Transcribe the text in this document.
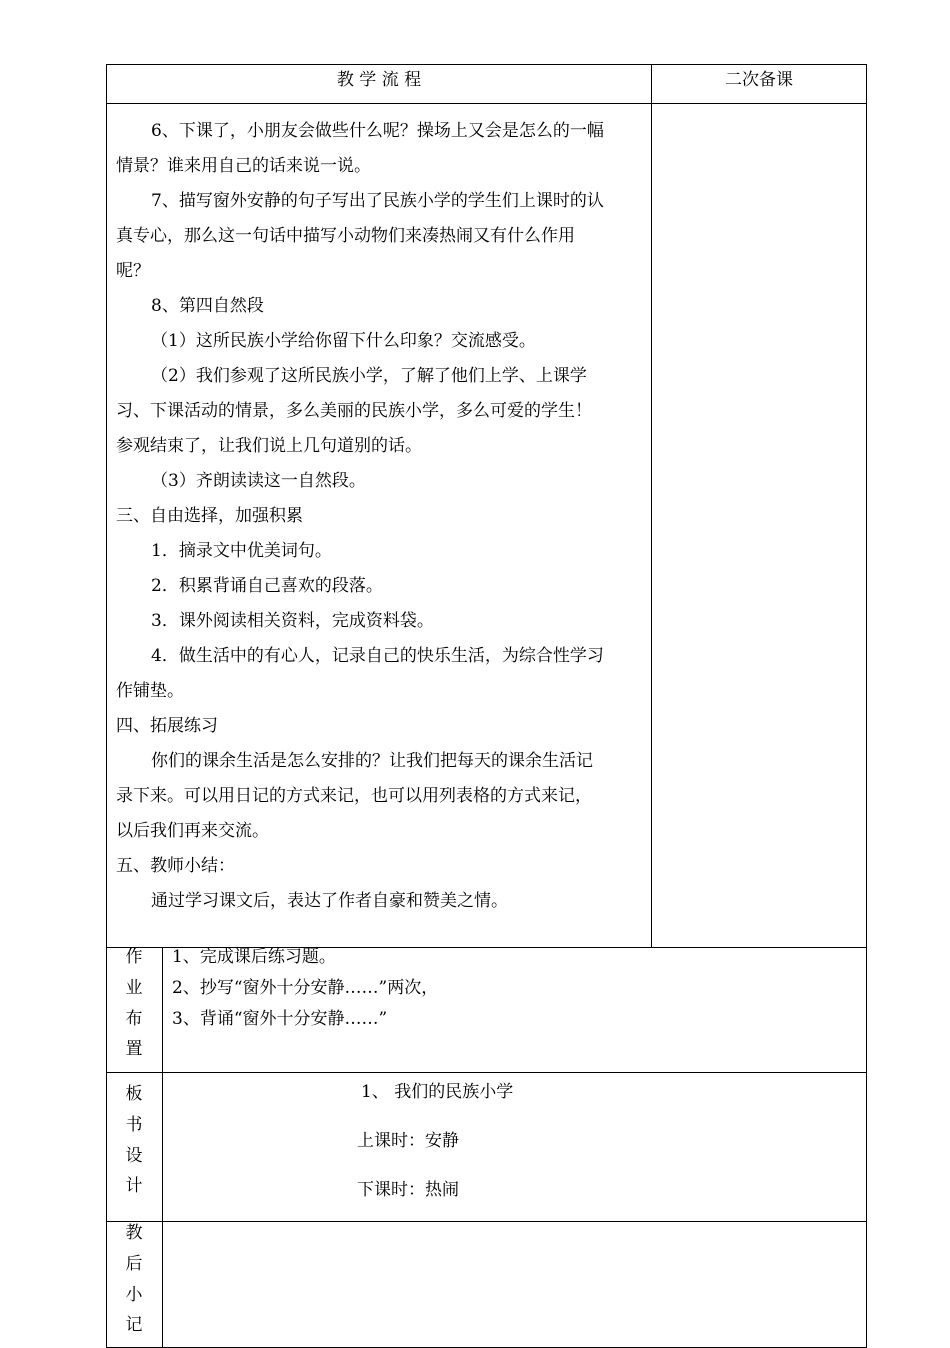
教 学 流 程	二次备课
6、下课了，小朋友会做些什么呢？操场上又会是怎么的一幅
情景？谁来用自己的话来说一说。
7、描写窗外安静的句子写出了民族小学的学生们上课时的认
真专心，那么这一句话中描写小动物们来凑热闹又有什么作用
呢？
8、第四自然段
（1）这所民族小学给你留下什么印象？交流感受。
（2）我们参观了这所民族小学，了解了他们上学、上课学
习、下课活动的情景，多么美丽的民族小学，多么可爱的学生！
参观结束了，让我们说上几句道别的话。
（3）齐朗读读这一自然段。
三、自由选择，加强积累
1．摘录文中优美词句。
2．积累背诵自己喜欢的段落。
3．课外阅读相关资料，完成资料袋。
4．做生活中的有心人，记录自己的快乐生活，为综合性学习
作铺垫。
四、拓展练习
你们的课余生活是怎么安排的？让我们把每天的课余生活记
录下来。可以用日记的方式来记，也可以用列表格的方式来记，
以后我们再来交流。
五、教师小结：
通过学习课文后，表达了作者自豪和赞美之情。
作
业
布
置
1、完成课后练习题。
2、抄写“窗外十分安静……”两次，
3、背诵“窗外十分安静……”
板
书
设
计
1、 我们的民族小学
上课时：安静
下课时：热闹
教
后
小
记
